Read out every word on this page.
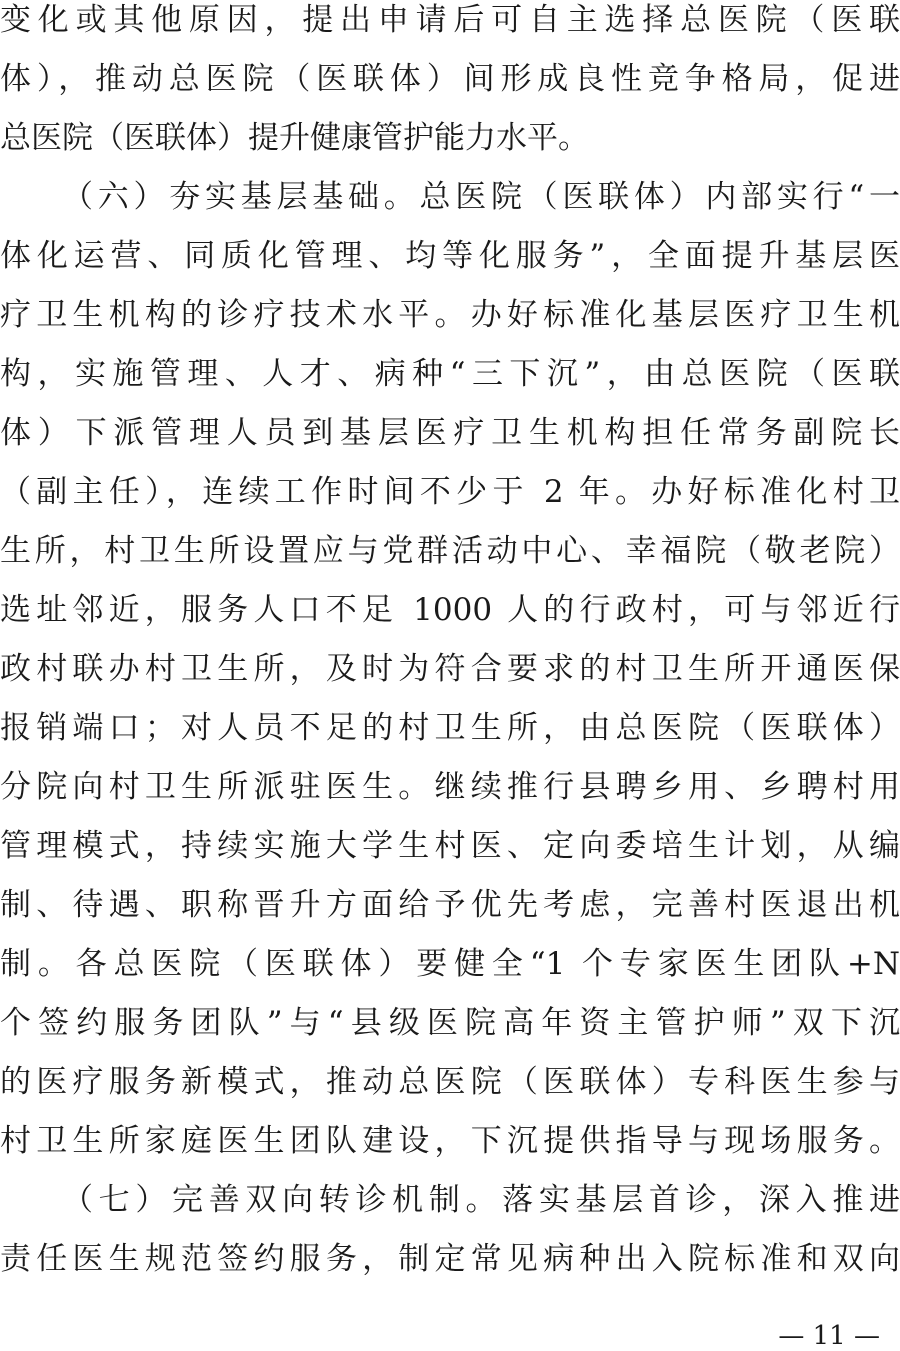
变化或其他原因，提出申请后可自主选择总医院（医联
体），推动总医院（医联体）间形成良性竞争格局，促进
总医院（医联体）提升健康管护能力水平。
（六）夯实基层基础。总医院（医联体）内部实行“一
体化运营、同质化管理、均等化服务”，全面提升基层医
疗卫生机构的诊疗技术水平。办好标准化基层医疗卫生机
构，实施管理、人才、病种“三下沉”，由总医院（医联
体）下派管理人员到基层医疗卫生机构担任常务副院长
（副主任），连续工作时间不少于 2 年。办好标准化村卫
生所，村卫生所设置应与党群活动中心、幸福院（敬老院）
选址邻近，服务人口不足 1000 人的行政村，可与邻近行
政村联办村卫生所，及时为符合要求的村卫生所开通医保
报销端口；对人员不足的村卫生所，由总医院（医联体）
分院向村卫生所派驻医生。继续推行县聘乡用、乡聘村用
管理模式，持续实施大学生村医、定向委培生计划，从编
制、待遇、职称晋升方面给予优先考虑，完善村医退出机
制。各总医院（医联体）要健全“1 个专家医生团队+N
个签约服务团队”与“县级医院高年资主管护师”双下沉
的医疗服务新模式，推动总医院（医联体）专科医生参与
村卫生所家庭医生团队建设，下沉提供指导与现场服务。
（七）完善双向转诊机制。落实基层首诊，深入推进
责任医生规范签约服务，制定常见病种出入院标准和双向
— 11 —
